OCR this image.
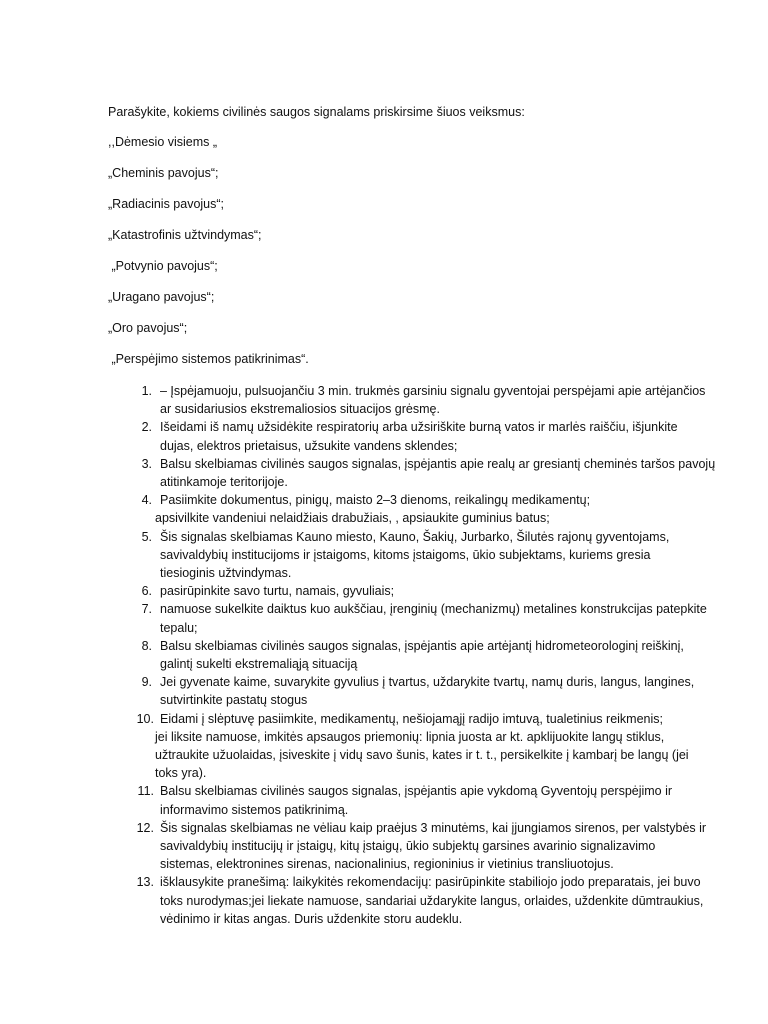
Parašykite, kokiems civilinės saugos signalams priskirsime šiuos veiksmus:
,,Dėmesio visiems „
„Cheminis pavojus“;
„Radiacinis pavojus“;
„Katastrofinis užtvindymas“;
„Potvynio pavojus“;
„Uragano pavojus“;
„Oro pavojus“;
„Perspėjimo sistemos patikrinimas“.
1. – Įspėjamuoju, pulsuojančiu 3 min. trukmės garsiniu signalu gyventojai perspėjami apie artėjančios
ar susidariusios ekstremaliosios situacijos grėsmę.
2. Išeidami iš namų užsidėkite respiratorių arba užsiriškite burną vatos ir marlės raiščiu, išjunkite
dujas, elektros prietaisus, užsukite vandens sklendes;
3. Balsu skelbiamas civilinės saugos signalas, įspėjantis apie realų ar gresiantį cheminės taršos pavojų
atitinkamoje teritorijoje.
4. Pasiimkite dokumentus, pinigų, maisto 2–3 dienoms, reikalingų medikamentų;
apsivilkite vandeniui nelaidžiais drabužiais, , apsiaukite guminius batus;
5. Šis signalas skelbiamas Kauno miesto, Kauno, Šakių, Jurbarko, Šilutės rajonų gyventojams,
savivaldybių institucijoms ir įstaigoms, kitoms įstaigoms, ūkio subjektams, kuriems gresia
tiesioginis užtvindymas.
6. pasirūpinkite savo turtu, namais, gyvuliais;
7. namuose sukelkite daiktus kuo aukščiau, įrenginių (mechanizmų) metalines konstrukcijas patepkite
tepalu;
8. Balsu skelbiamas civilinės saugos signalas, įspėjantis apie artėjantį hidrometeorologinį reiškinį,
galintį sukelti ekstremaliąją situaciją
9. Jei gyvenate kaime, suvarykite gyvulius į tvartus, uždarykite tvartų, namų duris, langus, langines,
sutvirtinkite pastatų stogus
10. Eidami į slėptuvę pasiimkite, medikamentų, nešiojamąjį radijo imtuvą, tualetinius reikmenis;
jei liksite namuose, imkitės apsaugos priemonių: lipnia juosta ar kt. apklijuokite langų stiklus,
užtraukite užuolaidas, įsiveskite į vidų savo šunis, kates ir t. t., persikelkite į kambarį be langų (jei
toks yra).
11. Balsu skelbiamas civilinės saugos signalas, įspėjantis apie vykdomą Gyventojų perspėjimo ir
informavimo sistemos patikrinimą.
12. Šis signalas skelbiamas ne vėliau kaip praėjus 3 minutėms, kai įjungiamos sirenos, per valstybės ir
savivaldybių institucijų ir įstaigų, kitų įstaigų, ūkio subjektų garsines avarinio signalizavimo
sistemas, elektronines sirenas, nacionalinius, regioninius ir vietinius transliuotojus.
13. išklausykite pranešimą: laikykitės rekomendacijų: pasirūpinkite stabiliojo jodo preparatais, jei buvo
toks nurodymas;jei liekate namuose, sandariai uždarykite langus, orlaides, uždenkite dūmtraukius,
vėdinimo ir kitas angas. Duris uždenkite storu audeklu.
